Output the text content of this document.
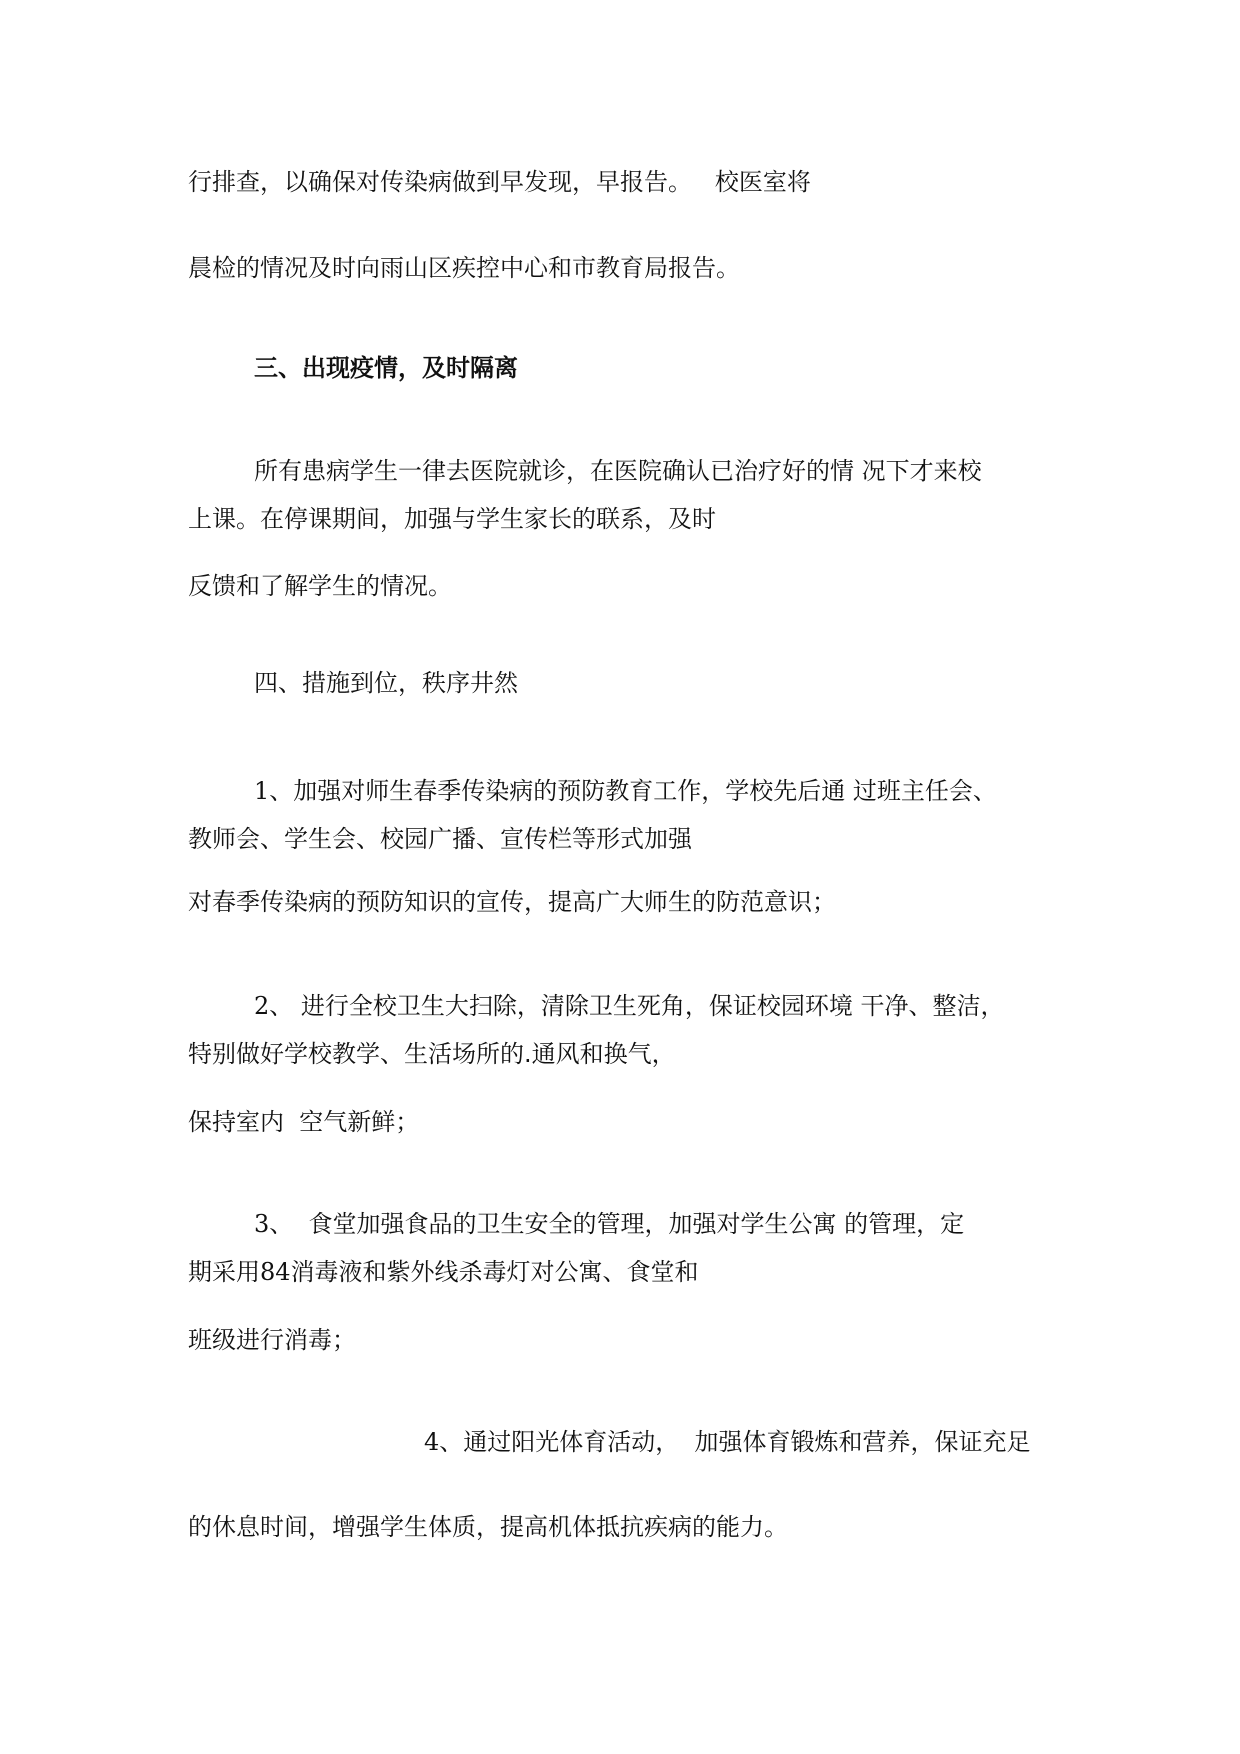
行排查，以确保对传染病做到早发现，早报告。   校医室将
晨检的情况及时向雨山区疾控中心和市教育局报告。
三、出现疫情，及时隔离
所有患病学生一律去医院就诊，在医院确认已治疗好的情 况下才来校
上课。在停课期间，加强与学生家长的联系，及时
反馈和了解学生的情况。
四、措施到位，秩序井然
1、加强对师生春季传染病的预防教育工作，学校先后通 过班主任会、
教师会、学生会、校园广播、宣传栏等形式加强
对春季传染病的预防知识的宣传，提高广大师生的防范意识；
2、 进行全校卫生大扫除，清除卫生死角，保证校园环境 干净、整洁，
特别做好学校教学、生活场所的.通风和换气，
保持室内  空气新鲜；
3、  食堂加强食品的卫生安全的管理，加强对学生公寓 的管理，定
期采用84消毒液和紫外线杀毒灯对公寓、食堂和
班级进行消毒；
4、通过阳光体育活动，  加强体育锻炼和营养，保证充足
的休息时间，增强学生体质，提高机体抵抗疾病的能力。
